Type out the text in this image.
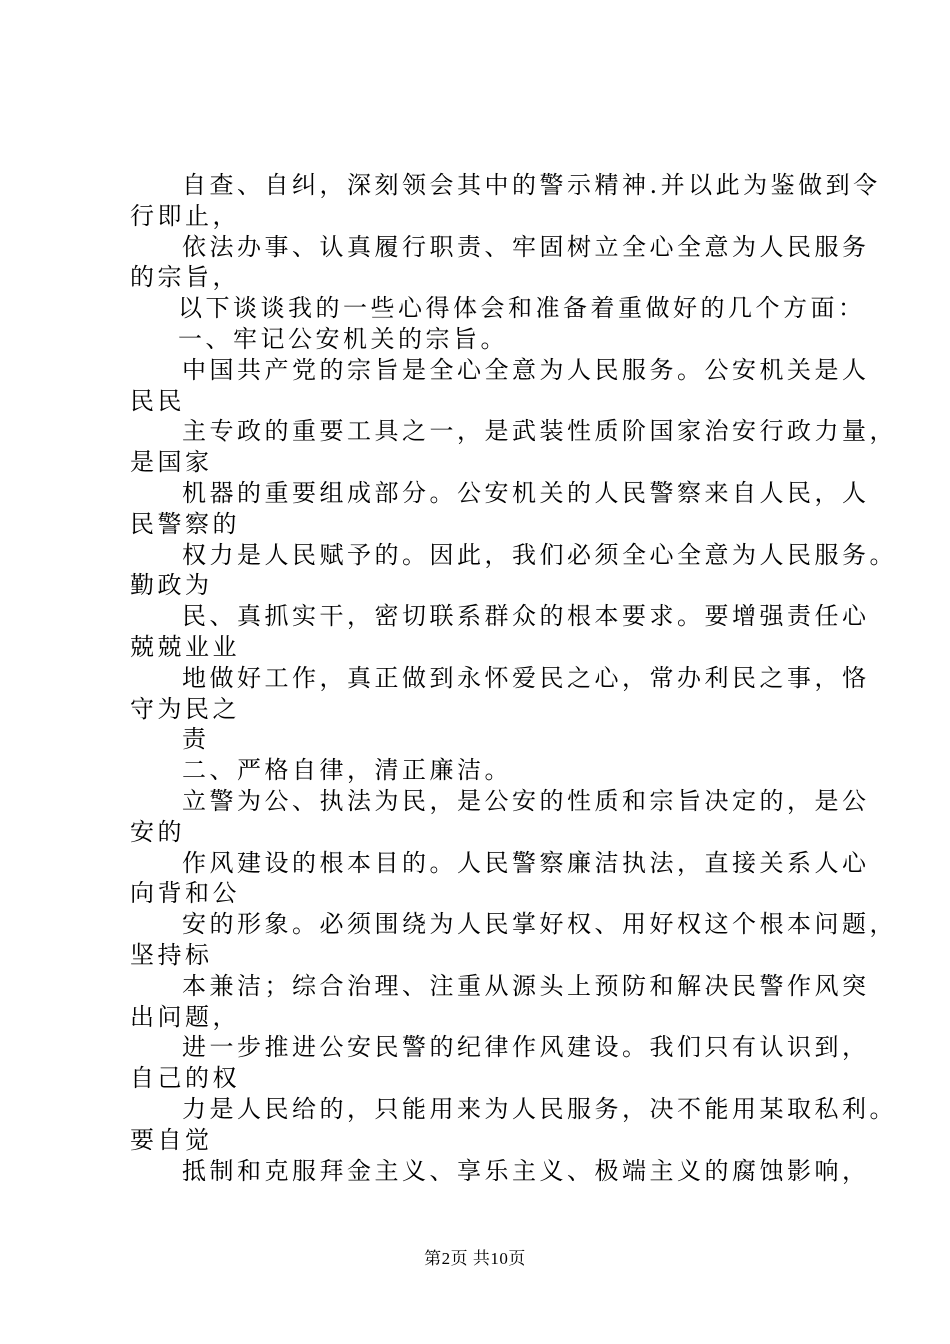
自查、自纠，深刻领会其中的警示精神.并以此为鉴做到令
行即止，
依法办事、认真履行职责、牢固树立全心全意为人民服务
的宗旨，
以下谈谈我的一些心得体会和准备着重做好的几个方面：
一、牢记公安机关的宗旨。
中国共产党的宗旨是全心全意为人民服务。公安机关是人
民民
主专政的重要工具之一，是武装性质阶国家治安行政力量，
是国家
机器的重要组成部分。公安机关的人民警察来自人民，人
民警察的
权力是人民赋予的。因此，我们必须全心全意为人民服务。
勤政为
民、真抓实干，密切联系群众的根本要求。要增强责任心
兢兢业业
地做好工作，真正做到永怀爱民之心，常办利民之事，恪
守为民之
责
二、严格自律，清正廉洁。
立警为公、执法为民，是公安的性质和宗旨决定的，是公
安的
作风建设的根本目的。人民警察廉洁执法，直接关系人心
向背和公
安的形象。必须围绕为人民掌好权、用好权这个根本问题，
坚持标
本兼洁；综合治理、注重从源头上预防和解决民警作风突
出问题，
进一步推进公安民警的纪律作风建设。我们只有认识到，
自己的权
力是人民给的，只能用来为人民服务，决不能用某取私利。
要自觉
抵制和克服拜金主义、享乐主义、极端主义的腐蚀影响，
第2页 共10页
